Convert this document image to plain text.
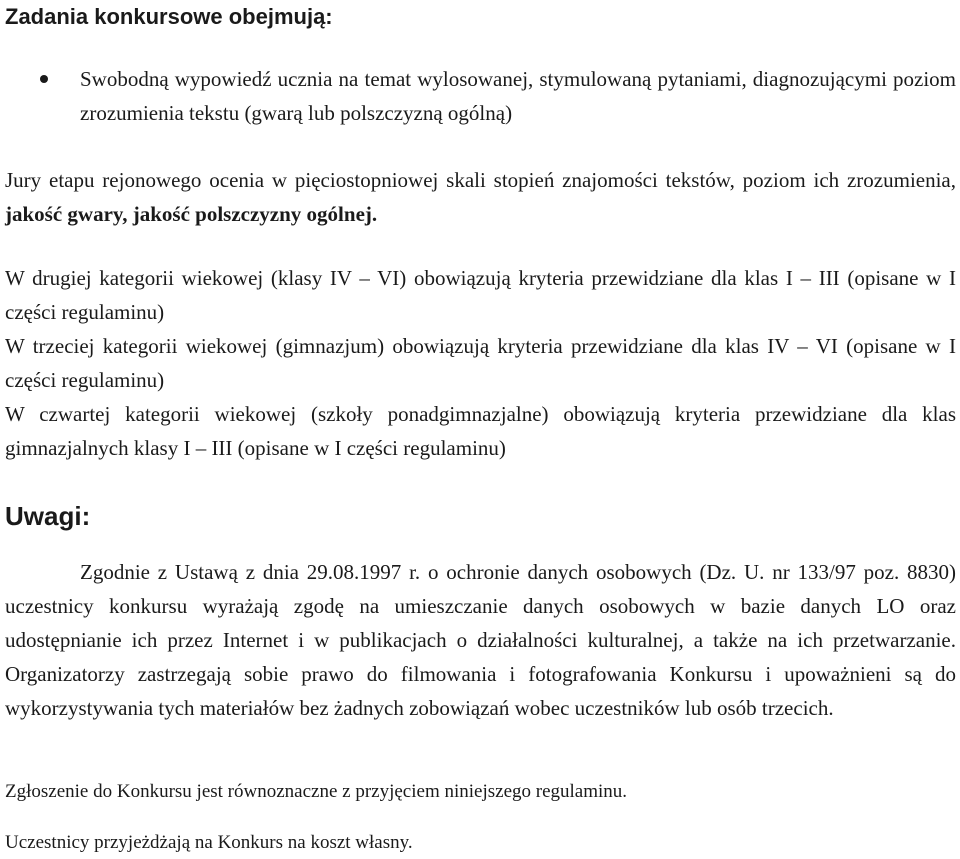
Zadania konkursowe obejmują:
Swobodną wypowiedź ucznia na temat wylosowanej, stymulowaną pytaniami, diagnozującymi poziom zrozumienia tekstu (gwarą lub polszczyzną ogólną)

Jury etapu rejonowego ocenia w pięciostopniowej skali stopień znajomości tekstów, poziom ich zrozumienia, jakość gwary, jakość polszczyzny ogólnej.

W drugiej kategorii wiekowej (klasy IV – VI) obowiązują kryteria przewidziane dla klas I – III (opisane w I części regulaminu)
W trzeciej kategorii wiekowej (gimnazjum) obowiązują kryteria przewidziane dla klas IV – VI (opisane w I części regulaminu)
W czwartej kategorii wiekowej (szkoły ponadgimnazjalne) obowiązują kryteria przewidziane dla klas gimnazjalnych klasy I – III (opisane w I części regulaminu)
Uwagi:

Zgodnie z Ustawą z dnia 29.08.1997 r. o ochronie danych osobowych (Dz. U. nr 133/97 poz. 8830) uczestnicy konkursu wyrażają zgodę na umieszczanie danych osobowych w bazie danych LO oraz udostępnianie ich przez Internet i w publikacjach o działalności kulturalnej, a także na ich przetwarzanie. Organizatorzy zastrzegają sobie prawo do filmowania i fotografowania Konkursu i upoważnieni są do wykorzystywania tych materiałów bez żadnych zobowiązań wobec uczestników lub osób trzecich.

Zgłoszenie do Konkursu jest równoznaczne z przyjęciem niniejszego regulaminu.

Uczestnicy przyjeżdżają na Konkurs na koszt własny.
